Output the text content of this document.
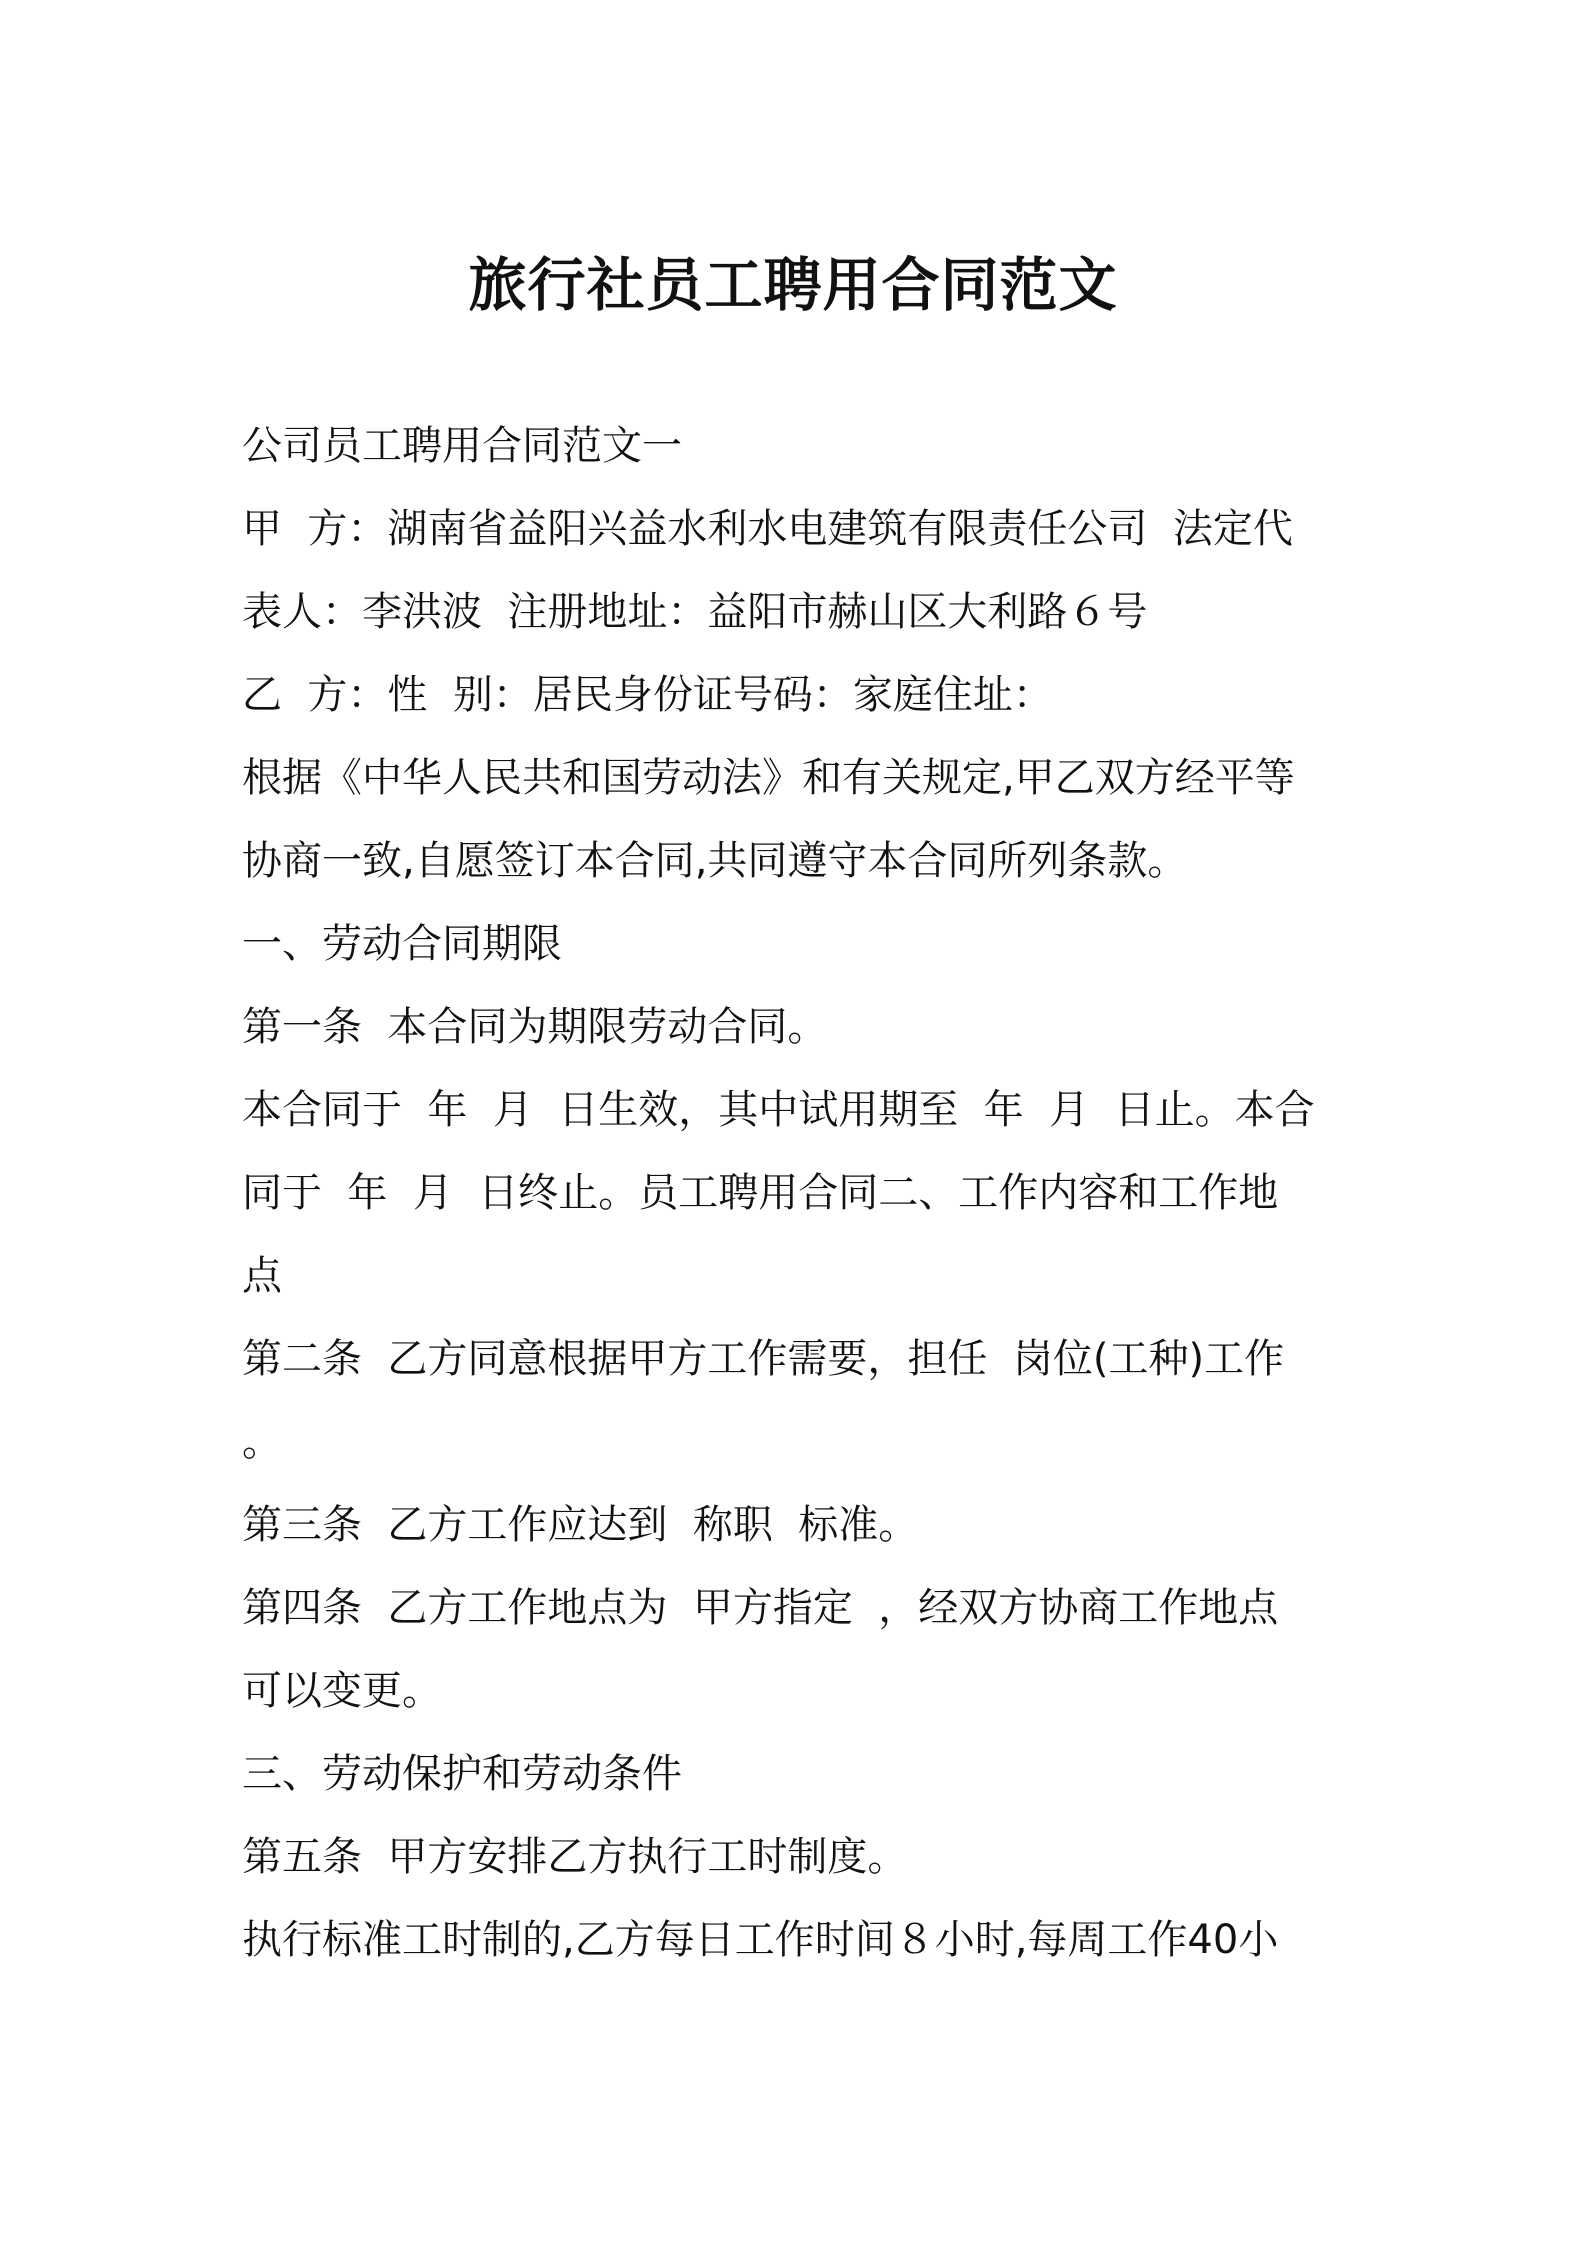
旅行社员工聘用合同范文

公司员工聘用合同范文一

甲  方：湖南省益阳兴益水利水电建筑有限责任公司  法定代

表人：李洪波  注册地址：益阳市赫山区大利路６号

乙  方：性  别：居民身份证号码：家庭住址：

根据《中华人民共和国劳动法》和有关规定,甲乙双方经平等

协商一致,自愿签订本合同,共同遵守本合同所列条款。

一、劳动合同期限

第一条  本合同为期限劳动合同。

本合同于  年  月  日生效，其中试用期至  年  月  日止。本合

同于  年  月  日终止。员工聘用合同二、工作内容和工作地

点

第二条  乙方同意根据甲方工作需要，担任  岗位(工种)工作

。

第三条  乙方工作应达到  称职  标准。

第四条  乙方工作地点为  甲方指定  ，经双方协商工作地点

可以变更。

三、劳动保护和劳动条件

第五条  甲方安排乙方执行工时制度。

执行标准工时制的,乙方每日工作时间８小时,每周工作40小
